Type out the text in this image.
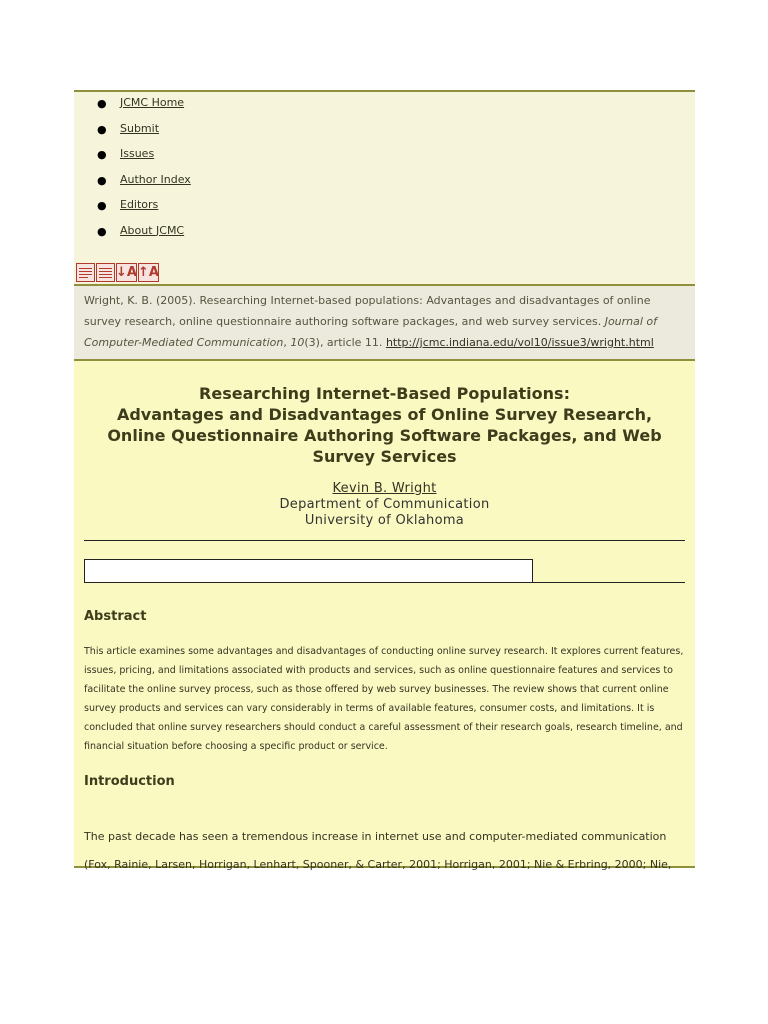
● JCMC Home
● Submit
● Issues
● Author Index
● Editors
● About JCMC
↓A ↑A
Wright, K. B. (2005). Researching Internet-based populations: Advantages and disadvantages of online survey research, online questionnaire authoring software packages, and web survey services. Journal of Computer-Mediated Communication, 10(3), article 11. http://jcmc.indiana.edu/vol10/issue3/wright.html
Researching Internet-Based Populations:
Advantages and Disadvantages of Online Survey Research,
Online Questionnaire Authoring Software Packages, and Web
Survey Services
Kevin B. Wright
Department of Communication
University of Oklahoma
Abstract
This article examines some advantages and disadvantages of conducting online survey research. It explores current features, issues, pricing, and limitations associated with products and services, such as online questionnaire features and services to facilitate the online survey process, such as those offered by web survey businesses. The review shows that current online survey products and services can vary considerably in terms of available features, consumer costs, and limitations. It is concluded that online survey researchers should conduct a careful assessment of their research goals, research timeline, and financial situation before choosing a specific product or service.
Introduction
The past decade has seen a tremendous increase in internet use and computer-mediated communication (Fox, Rainie, Larsen, Horrigan, Lenhart, Spooner, & Carter, 2001; Horrigan, 2001; Nie & Erbring, 2000; Nie,
